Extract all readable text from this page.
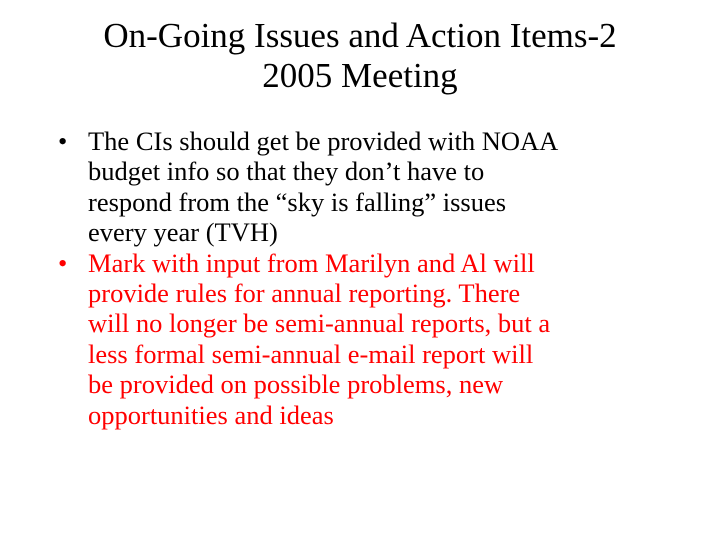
On-Going Issues and Action Items-2
2005 Meeting
• The CIs should get be provided with NOAA
budget info so that they don’t have to
respond from the “sky is falling” issues
every year (TVH)
• Mark with input from Marilyn and Al will
provide rules for annual reporting. There
will no longer be semi-annual reports, but a
less formal semi-annual e-mail report will
be provided on possible problems, new
opportunities and ideas
